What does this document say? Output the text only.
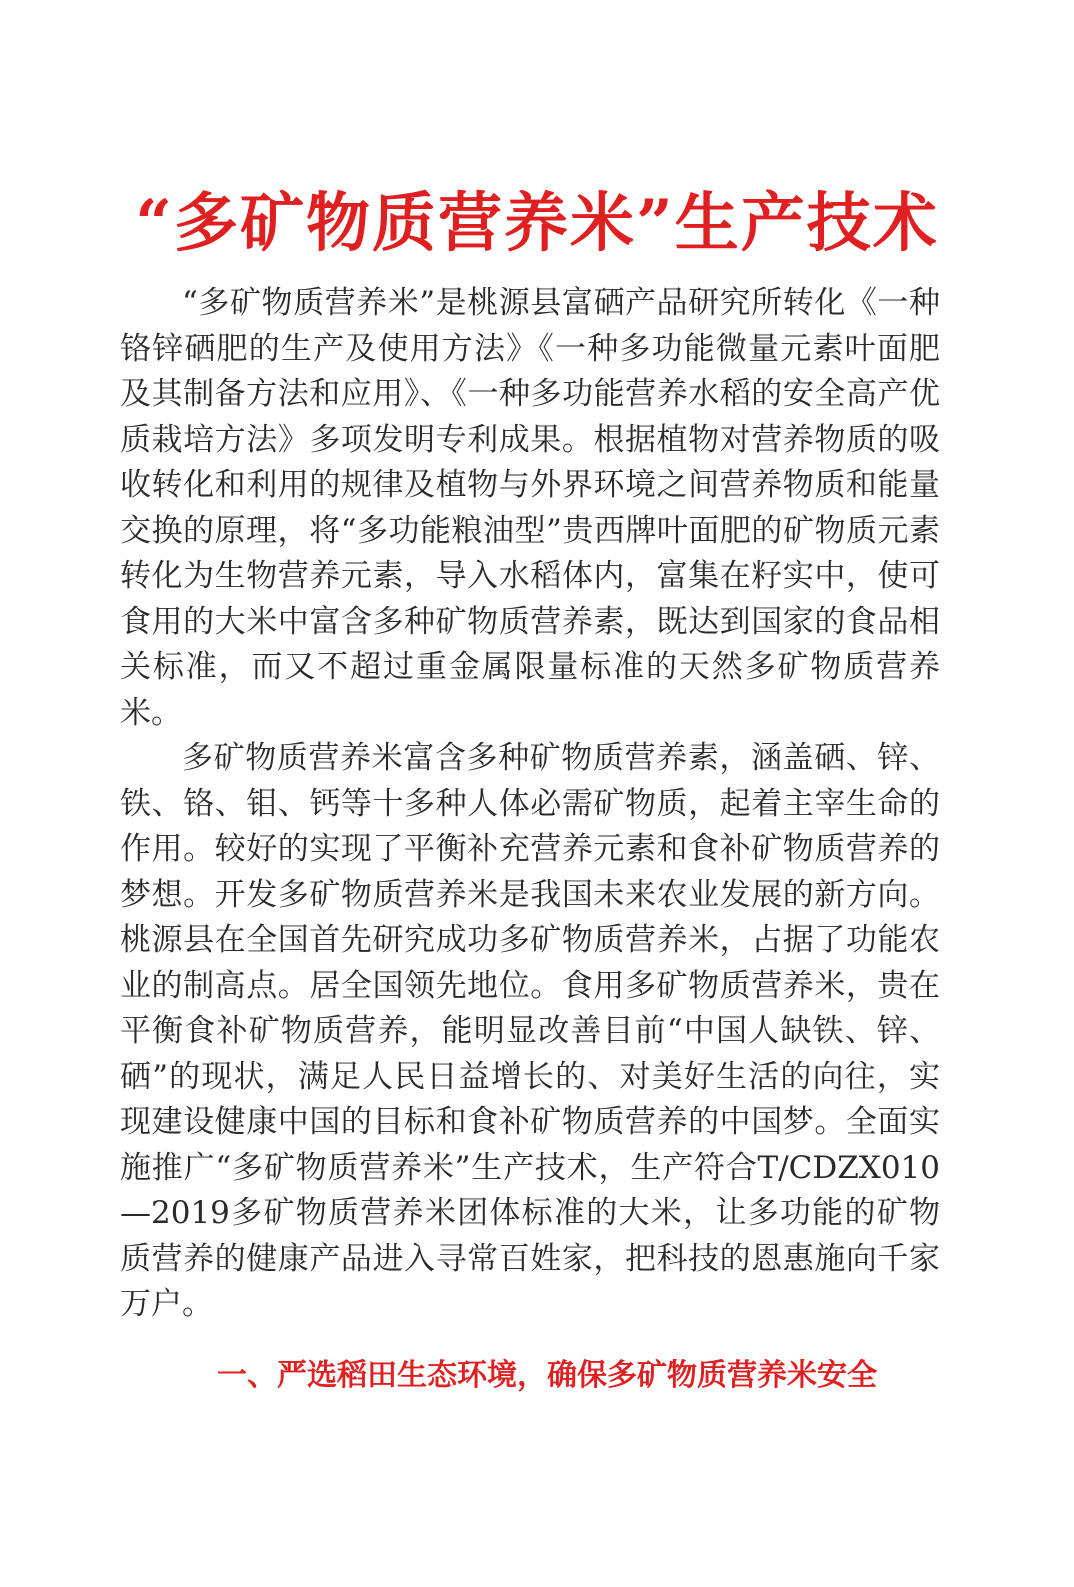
“多矿物质营养米”生产技术

“多矿物质营养米”是桃源县富硒产品研究所转化《一种铬锌硒肥的生产及使用方法》《一种多功能微量元素叶面肥及其制备方法和应用》、《一种多功能营养水稻的安全高产优质栽培方法》多项发明专利成果。根据植物对营养物质的吸收转化和利用的规律及植物与外界环境之间营养物质和能量交换的原理，将“多功能粮油型”贵西牌叶面肥的矿物质元素转化为生物营养元素，导入水稻体内，富集在籽实中，使可食用的大米中富含多种矿物质营养素，既达到国家的食品相关标准，而又不超过重金属限量标准的天然多矿物质营养米。

多矿物质营养米富含多种矿物质营养素，涵盖硒、锌、铁、铬、钼、钙等十多种人体必需矿物质，起着主宰生命的作用。较好的实现了平衡补充营养元素和食补矿物质营养的梦想。开发多矿物质营养米是我国未来农业发展的新方向。桃源县在全国首先研究成功多矿物质营养米，占据了功能农业的制高点。居全国领先地位。食用多矿物质营养米，贵在平衡食补矿物质营养，能明显改善目前“中国人缺铁、锌、硒”的现状，满足人民日益增长的、对美好生活的向往，实现建设健康中国的目标和食补矿物质营养的中国梦。全面实施推广“多矿物质营养米”生产技术，生产符合T/CDZX010—2019多矿物质营养米团体标准的大米，让多功能的矿物质营养的健康产品进入寻常百姓家，把科技的恩惠施向千家万户。

一、严选稻田生态环境，确保多矿物质营养米安全
